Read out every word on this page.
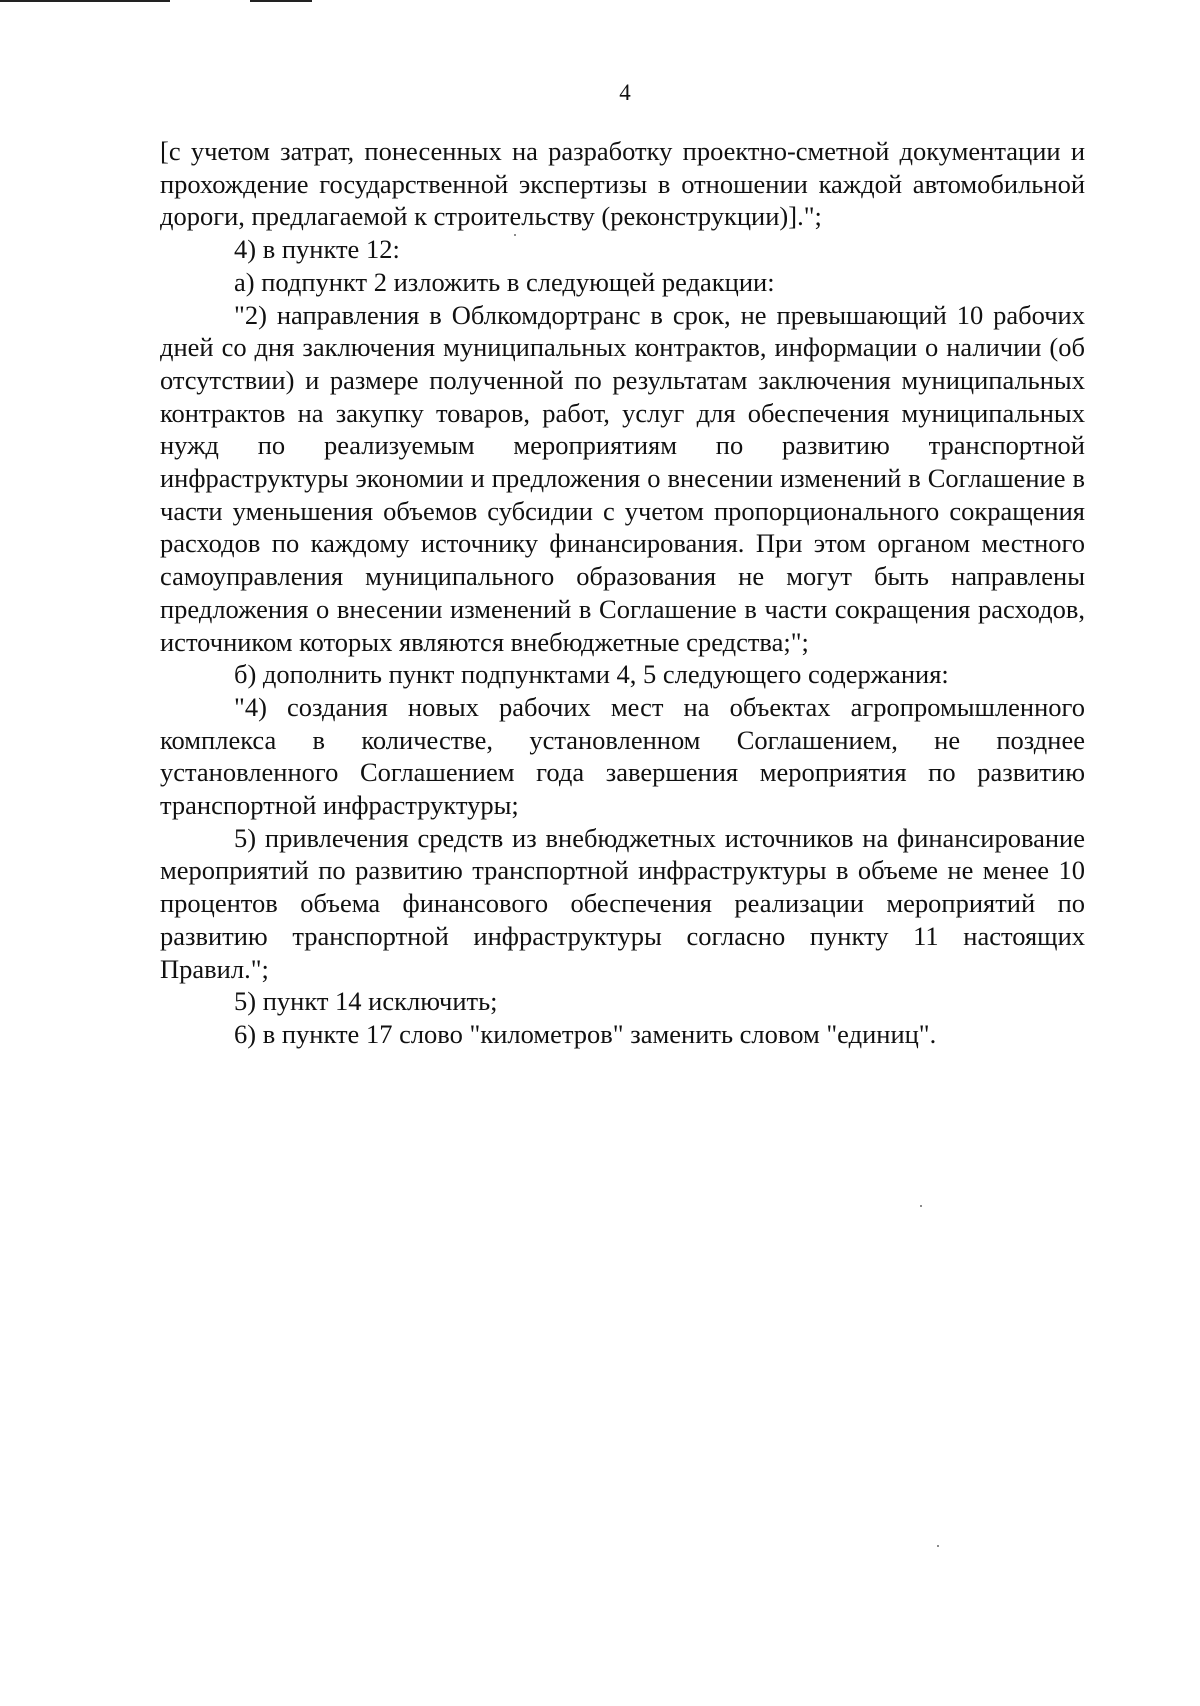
4

[с учетом затрат, понесенных на разработку проектно-сметной документации и прохождение государственной экспертизы в отношении каждой автомобильной дороги, предлагаемой к строительству (реконструкции)].";

4) в пункте 12:

а) подпункт 2 изложить в следующей редакции:

"2) направления в Облкомдортранс в срок, не превышающий 10 рабочих дней со дня заключения муниципальных контрактов, информации о наличии (об отсутствии) и размере полученной по результатам заключения муниципальных контрактов на закупку товаров, работ, услуг для обеспечения муниципальных нужд по реализуемым мероприятиям по развитию транспортной инфраструктуры экономии и предложения о внесении изменений в Соглашение в части уменьшения объемов субсидии с учетом пропорционального сокращения расходов по каждому источнику финансирования. При этом органом местного самоуправления муниципального образования не могут быть направлены предложения о внесении изменений в Соглашение в части сокращения расходов, источником которых являются внебюджетные средства;";

б) дополнить пункт подпунктами 4, 5 следующего содержания:

"4) создания новых рабочих мест на объектах агропромышленного комплекса в количестве, установленном Соглашением, не позднее установленного Соглашением года завершения мероприятия по развитию транспортной инфраструктуры;

5) привлечения средств из внебюджетных источников на финансирование мероприятий по развитию транспортной инфраструктуры в объеме не менее 10 процентов объема финансового обеспечения реализации мероприятий по развитию транспортной инфраструктуры согласно пункту 11 настоящих Правил.";

5) пункт 14 исключить;

6) в пункте 17 слово "километров" заменить словом "единиц".
